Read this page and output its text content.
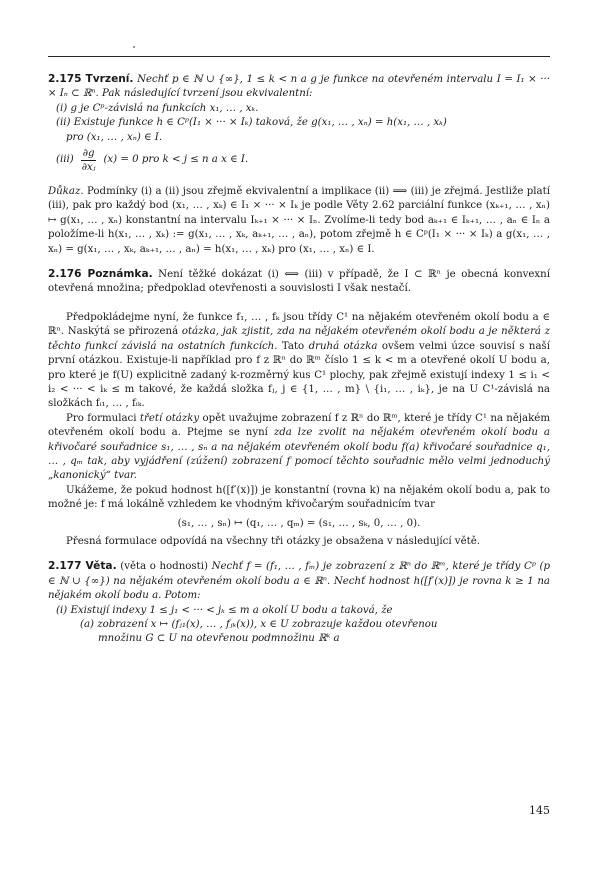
2.175 Tvrzení. Nechť p ∈ ℕ ∪ {∞}, 1 ≤ k < n a g je funkce na otevřeném intervalu I = I₁ × ··· × Iₙ ⊂ ℝⁿ. Pak následující tvrzení jsou ekvivalentní:

(i) g je Cᵖ-závislá na funkcích x₁, … , xₖ.

(ii) Existuje funkce h ∈ Cᵖ(I₁ × ··· × Iₖ) taková, že g(x₁, … , xₙ) = h(x₁, … , xₖ)

pro (x₁, … , xₙ) ∈ I.

$(iii) \frac{\partial g}{\text{∂xⱼ}} (x) = 0$ pro k < j ≤ n a x ∈ I.

Důkaz. Podmínky (i) a (ii) jsou zřejmě ekvivalentní a implikace (ii) ⟹ (iii) je zřejmá. Jestliže platí (iii), pak pro každý bod (x₁, … , xₖ) ∈ I₁ × ··· × Iₖ je podle Věty 2.62 parciální funkce (xₖ₊₁, … , xₙ) ↦ g(x₁, … , xₙ) konstantní na intervalu Iₖ₊₁ × ··· × Iₙ. Zvolíme-li tedy bod aₖ₊₁ ∈ Iₖ₊₁, … , aₙ ∈ Iₙ a položíme-li h(x₁, … , xₖ) := g(x₁, … , xₖ, aₖ₊₁, … , aₙ), potom zřejmě h ∈ Cᵖ(I₁ × ··· × Iₖ) a g(x₁, … , xₙ) = g(x₁, … , xₖ, aₖ₊₁, … , aₙ) = h(x₁, … , xₖ) pro (x₁, … , xₙ) ∈ I.

2.176 Poznámka. Není těžké dokázat (i) ⟺ (iii) v případě, že I ⊂ ℝⁿ je obecná konvexní otevřená množina; předpoklad otevřenosti a souvislosti I však nestačí.

Předpokládejme nyní, že funkce f₁, … , fₖ jsou třídy C¹ na nějakém otevřeném okolí bodu a ∈ ℝⁿ. Naskýtá se přirozená otázka, jak zjistit, zda na nějakém otevřeném okolí bodu a je některá z těchto funkcí závislá na ostatních funkcích. Tato druhá otázka ovšem velmi úzce souvisí s naší první otázkou. Existuje-li například pro f z ℝⁿ do ℝᵐ číslo 1 ≤ k < m a otevřené okolí U bodu a, pro které je f(U) explicitně zadaný k-rozměrný kus C¹ plochy, pak zřejmě existují indexy 1 ≤ i₁ < i₂ < ··· < iₖ ≤ m takové, že každá složka fⱼ, j ∈ {1, … , m} \ {i₁, … , iₖ}, je na U C¹-závislá na složkách fᵢ₁, … , fᵢₖ.

Pro formulaci třetí otázky opět uvažujme zobrazení f z ℝⁿ do ℝᵐ, které je třídy C¹ na nějakém otevřeném okolí bodu a. Ptejme se nyní zda lze zvolit na nějakém otevřeném okolí bodu a křivočaré souřadnice s₁, … , sₙ a na nějakém otevřeném okolí bodu f(a) křivočaré souřadnice q₁, … , qₘ tak, aby vyjádření (zúžení) zobrazení f pomocí těchto souřadnic mělo velmi jednoduchý „kanonický“ tvar.

Ukážeme, že pokud hodnost h([f′(x)]) je konstantní (rovna k) na nějakém okolí bodu a, pak to možné je: f má lokálně vzhledem ke vhodným křivočarým souřadnicím tvar

(s₁, … , sₙ) ↦ (q₁, … , qₘ) = (s₁, … , sₖ, 0, … , 0).

Přesná formulace odpovídá na všechny tři otázky je obsažena v následující větě.

2.177 Věta. (věta o hodnosti) Nechť f = (f₁, … , fₘ) je zobrazení z ℝⁿ do ℝᵐ, které je třídy Cᵖ (p ∈ ℕ ∪ {∞}) na nějakém otevřeném okolí bodu a ∈ ℝⁿ. Nechť hodnost h([f′(x)]) je rovna k ≥ 1 na nějakém okolí bodu a. Potom:

(i) Existují indexy 1 ≤ j₁ < ··· < jₖ ≤ m a okolí U bodu a taková, že

(a) zobrazení x ↦ (fⱼ₁(x), … , fⱼₖ(x)), x ∈ U zobrazuje každou otevřenou

množinu G ⊂ U na otevřenou podmnožinu ℝᵏ a

145
